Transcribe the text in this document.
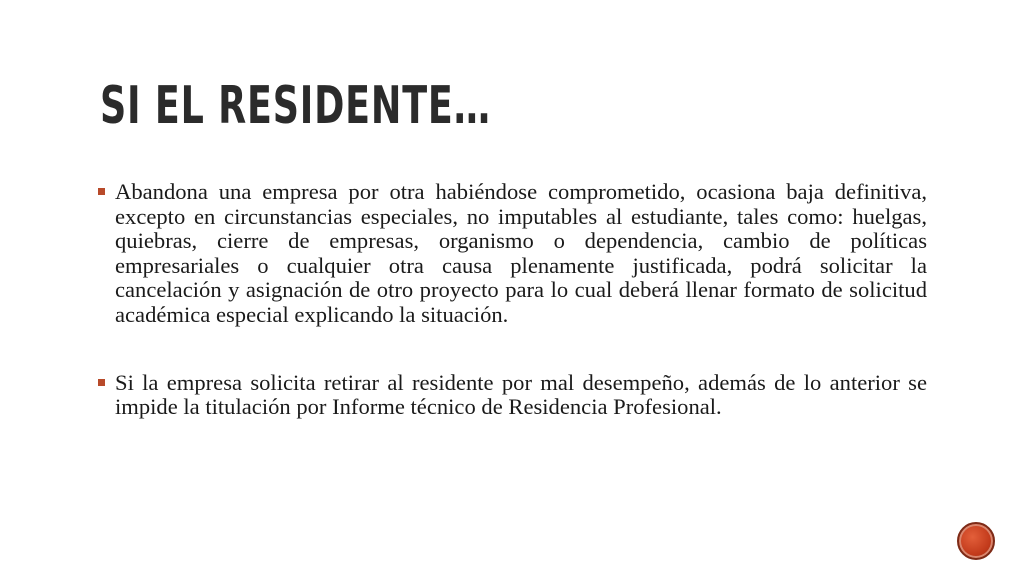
SI EL RESIDENTE…
Abandona una empresa por otra habiéndose comprometido, ocasiona baja definitiva, excepto en circunstancias especiales, no imputables al estudiante, tales como: huelgas, quiebras, cierre de empresas, organismo o dependencia, cambio de políticas empresariales o cualquier otra causa plenamente justificada, podrá solicitar la cancelación y asignación de otro proyecto para lo cual deberá llenar formato de solicitud académica especial explicando la situación.
Si la empresa solicita retirar al residente por mal desempeño, además de lo anterior se impide la titulación por Informe técnico de Residencia Profesional.
